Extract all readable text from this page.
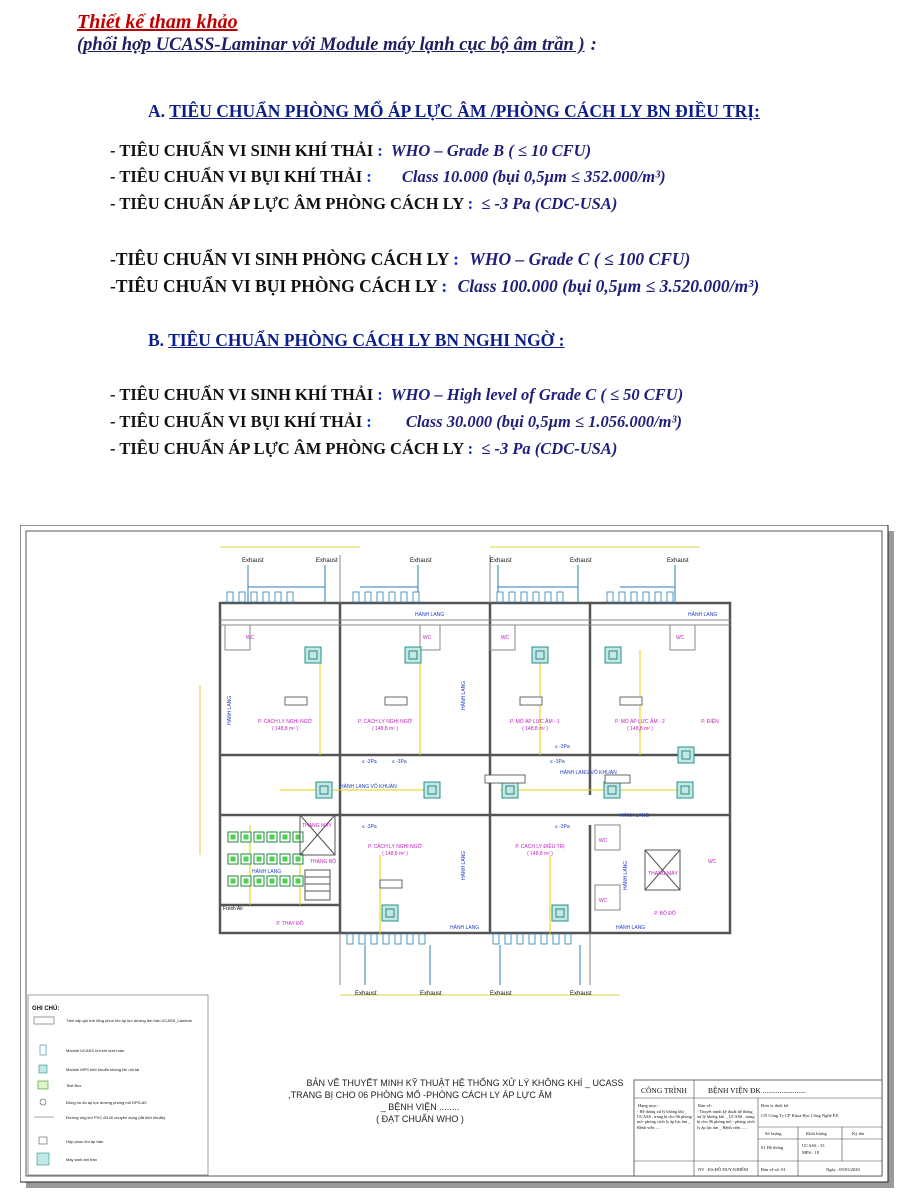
Thiết kế tham khảo
(phối hợp UCASS-Laminar với Module máy lạnh cục bộ âm trần ) :
A. TIÊU CHUẨN PHÒNG MỔ ÁP LỰC ÂM /PHÒNG CÁCH LY BN ĐIỀU TRỊ:
- TIÊU CHUẨN VI SINH KHÍ THẢI : WHO – Grade B ( ≤ 10 CFU)
- TIÊU CHUẨN VI BỤI KHÍ THẢI : Class 10.000 (bụi 0,5µm ≤ 352.000/m³)
- TIÊU CHUẨN ÁP LỰC ÂM PHÒNG CÁCH LY : ≤ -3 Pa (CDC-USA)
-TIÊU CHUẨN VI SINH PHÒNG CÁCH LY : WHO – Grade C ( ≤ 100 CFU)
-TIÊU CHUẨN VI BỤI PHÒNG CÁCH LY : Class 100.000 (bụi 0,5µm ≤ 3.520.000/m³)
B. TIÊU CHUẨN PHÒNG CÁCH LY BN NGHI NGỜ :
- TIÊU CHUẨN VI SINH KHÍ THẢI : WHO – High level of Grade C ( ≤ 50 CFU)
- TIÊU CHUẨN VI BỤI KHÍ THẢI : Class 30.000 (bụi 0,5µm ≤ 1.056.000/m³)
- TIÊU CHUẨN ÁP LỰC ÂM PHÒNG CÁCH LY : ≤ -3 Pa (CDC-USA)
Exhaust	Exhaust	Exhaust	Exhaust	Exhaust	Exhaust
Exhaust	Exhaust	Exhaust	Exhaust
HÀNH LANG	HÀNH LANG
HÀNH LANG
HÀNH LANG
HÀNH LANG	HÀNH LANG
HÀNH LANG VÔ KHUẨN
HÀNH LANG VÔ KHUẨN
≤ -3Pa	≤ -3Pa	≤ -3Pa
≤ -3Pa
≤ -3Pa	≤ -3Pa
WC	WC	WC	WC
WC
WC
WC
P. CÁCH LY NGHI NGỜ
( 148,8 m² )
P. CÁCH LY NGHI NGỜ
( 148,8 m² )
P. MỔ ÁP LỰC ÂM - 1
( 148,8 m² )
P. MỔ ÁP LỰC ÂM - 2
( 148,8 m² )
P. ĐIỆN
P. CÁCH LY NGHI NGỜ
( 148,8 m² )
P. CÁCH LY ĐIỀU TRỊ
( 148,8 m² )
THANG MÁY
THANG MÁY
THANG BỘ
P. THAY ĐỒ
P. BÔ ĐỒ
Fresh Air
HÀNH LANG
HÀNH LANG
HÀNH LANG	HÀNH LANG
GHI CHÚ:
Tấm cấp gió trời tổng phun khí áp lực dương âm trần UCASS_Laminar
Module UCASS hút khí dưới sàn
Module MPS khử khuẩn không khí nội tại
Test Box
Đồng hồ đo áp lực dương phòng mổ DPG-60
Đường ống khí PVC Ø140 chuyên dụng (đã khử khuẩn)
Hộp phun khí áp trần
Máy lạnh âm trần
BẢN VẼ THUYẾT MINH KỸ THUẬT HỆ THỐNG XỬ LÝ KHÔNG KHÍ _ UCASS
,TRANG BỊ CHO 06 PHÒNG MỔ -PHÒNG CÁCH LY ÁP LỰC ÂM
_ BỆNH VIỆN ........
( ĐẠT CHUẨN WHO )
CÔNG TRÌNH	BỆNH VIỆN ĐK .......................
Hạng mục:
- Hệ thống xử lý không khí _ UCASS , trang bị cho 06 phòng mổ- phòng cách ly áp lực âm _ Bệnh viện ....
Bản vẽ:
- Thuyết minh kỹ thuật hệ thống xử lý không khí _ UCASS , trang bị cho 06 phòng mổ - phòng cách ly áp lực âm _ Bệnh viện ......
Đơn vị thiết kế:
CN Công Ty CP Khoa Học Công Nghệ P.E
Số lượng	Khối lượng	Ký tên
01 Hệ thống	UCASS : 33
MPS : 18
NV : KS.ĐỖ DUY KHIÊM	Bản vẽ số: 01	Ngày : 09/03/2020
